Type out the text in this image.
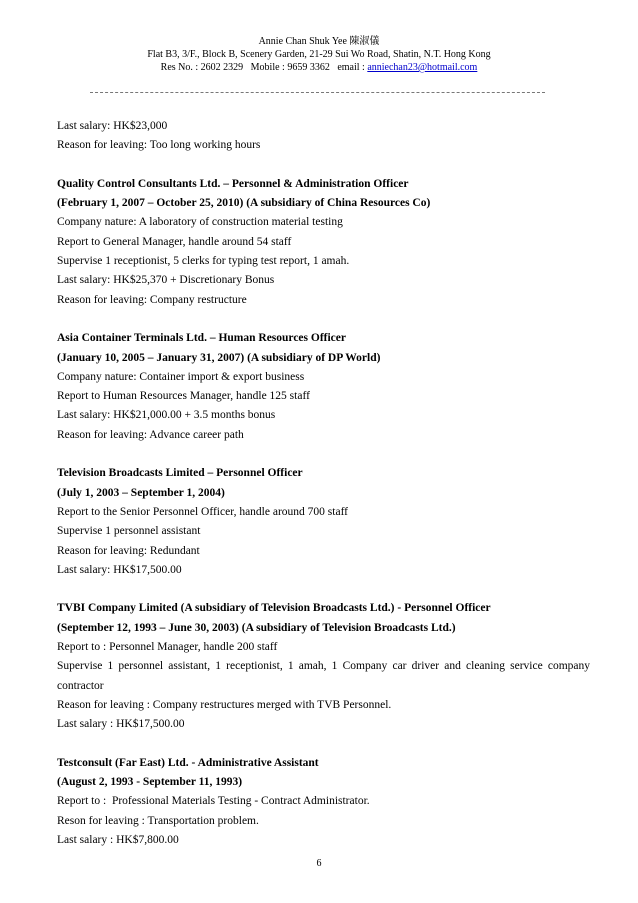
Annie Chan Shuk Yee 陳淑儀
Flat B3, 3/F., Block B, Scenery Garden, 21-29 Sui Wo Road, Shatin, N.T. Hong Kong
Res No. : 2602 2329   Mobile : 9659 3362   email : anniechan23@hotmail.com
Last salary: HK$23,000
Reason for leaving: Too long working hours
Quality Control Consultants Ltd. – Personnel & Administration Officer
(February 1, 2007 – October 25, 2010) (A subsidiary of China Resources Co)
Company nature: A laboratory of construction material testing
Report to General Manager, handle around 54 staff
Supervise 1 receptionist, 5 clerks for typing test report, 1 amah.
Last salary: HK$25,370 + Discretionary Bonus
Reason for leaving: Company restructure
Asia Container Terminals Ltd. – Human Resources Officer
(January 10, 2005 – January 31, 2007) (A subsidiary of DP World)
Company nature: Container import & export business
Report to Human Resources Manager, handle 125 staff
Last salary: HK$21,000.00 + 3.5 months bonus
Reason for leaving: Advance career path
Television Broadcasts Limited – Personnel Officer
(July 1, 2003 – September 1, 2004)
Report to the Senior Personnel Officer, handle around 700 staff
Supervise 1 personnel assistant
Reason for leaving: Redundant
Last salary: HK$17,500.00
TVBI Company Limited (A subsidiary of Television Broadcasts Ltd.) - Personnel Officer
(September 12, 1993 – June 30, 2003) (A subsidiary of Television Broadcasts Ltd.)
Report to : Personnel Manager, handle 200 staff
Supervise 1 personnel assistant, 1 receptionist, 1 amah, 1 Company car driver and cleaning service company
contractor
Reason for leaving : Company restructures merged with TVB Personnel.
Last salary : HK$17,500.00
Testconsult (Far East) Ltd. - Administrative Assistant
(August 2, 1993 - September 11, 1993)
Report to :  Professional Materials Testing - Contract Administrator.
Reson for leaving : Transportation problem.
Last salary : HK$7,800.00
6
